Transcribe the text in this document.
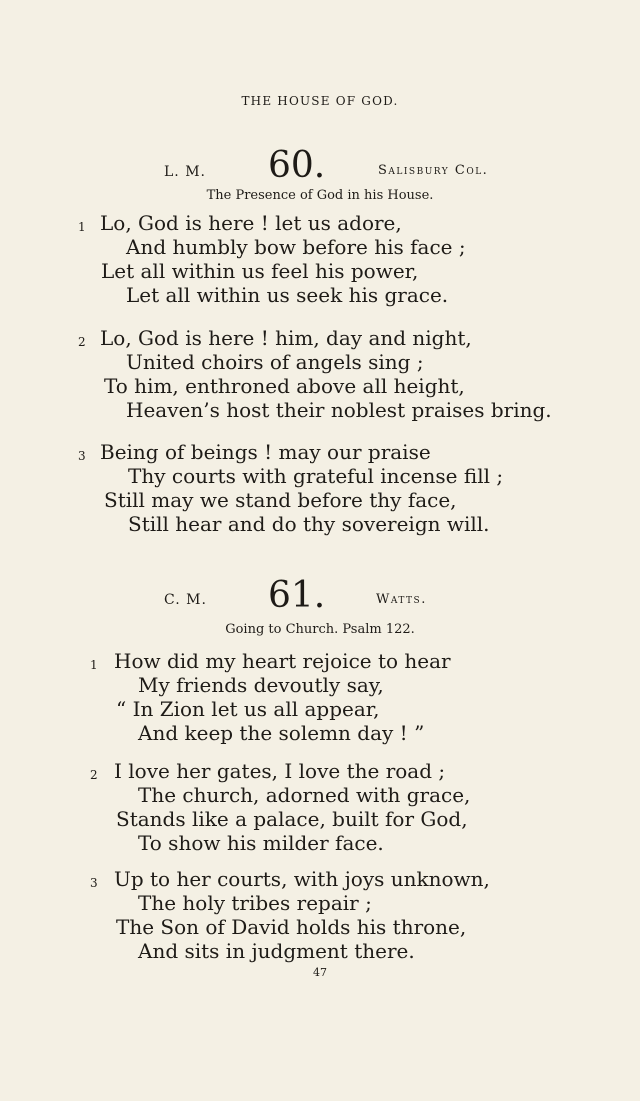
THE HOUSE OF GOD.
L. M. 60.	Salisbury Col.
The Presence of God in his House.
1 Lo, God is here ! let us adore,
And humbly bow before his face ;
Let all within us feel his power,
Let all within us seek his grace.
2 Lo, God is here ! him, day and night,
United choirs of angels sing ;
To him, enthroned above all height,
Heaven’s host their noblest praises bring.
3 Being of beings ! may our praise
Thy courts with grateful incense fill ;
Still may we stand before thy face,
Still hear and do thy sovereign will.
C. M. 61.	Watts.
Going to Church. Psalm 122.
1 How did my heart rejoice to hear
My friends devoutly say,
“ In Zion let us all appear,
And keep the solemn day ! ”
2 I love her gates, I love the road ;
The church, adorned with grace,
Stands like a palace, built for God,
To show his milder face.
3 Up to her courts, with joys unknown,
The holy tribes repair ;
The Son of David holds his throne,
And sits in judgment there.
47
